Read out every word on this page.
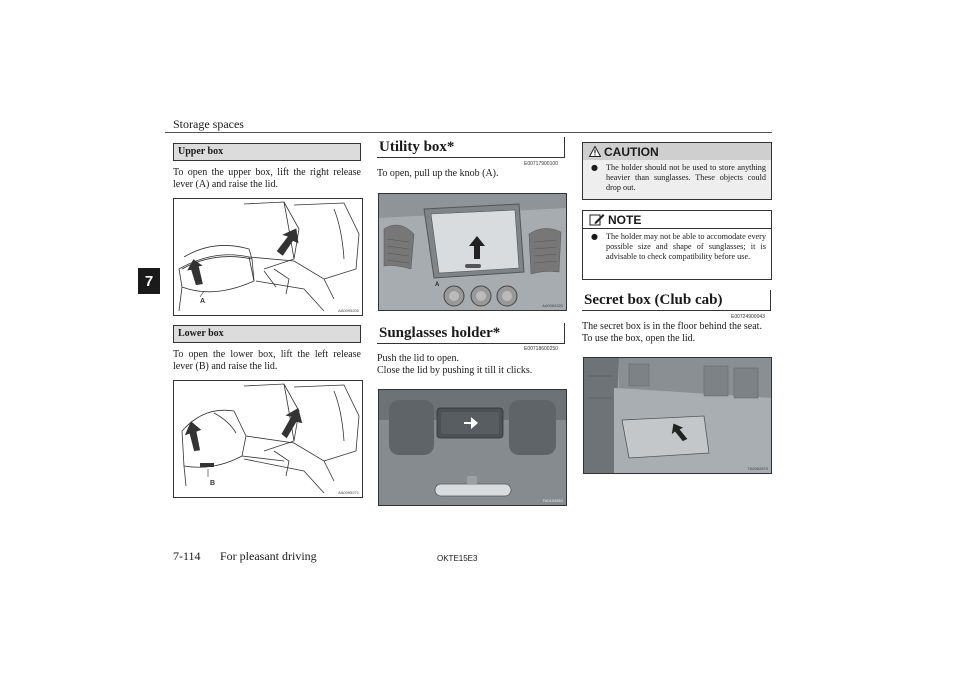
Storage spaces
7
Upper box
To open the upper box, lift the right release lever (A) and raise the lid.
A
AA0095200
Lower box
To open the lower box, lift the left release lever (B) and raise the lid.
B
AA0095271
Utility box*
E00717900100
To open, pull up the knob (A).
A
AA0064320
Sunglasses holder*
E00718600250
Push the lid to open.
Close the lid by pushing it till it clicks.
TA0104654
CAUTION
● The holder should not be used to store anything heavier than sunglasses. These objects could drop out.
NOTE
● The holder may not be able to accomodate every possible size and shape of sunglasses; it is advisable to check compatibility before use.
Secret box (Club cab)
E00724900043
The secret box is in the floor behind the seat.
To use the box, open the lid.
TA0062879
7-114 For pleasant driving	OKTE15E3
